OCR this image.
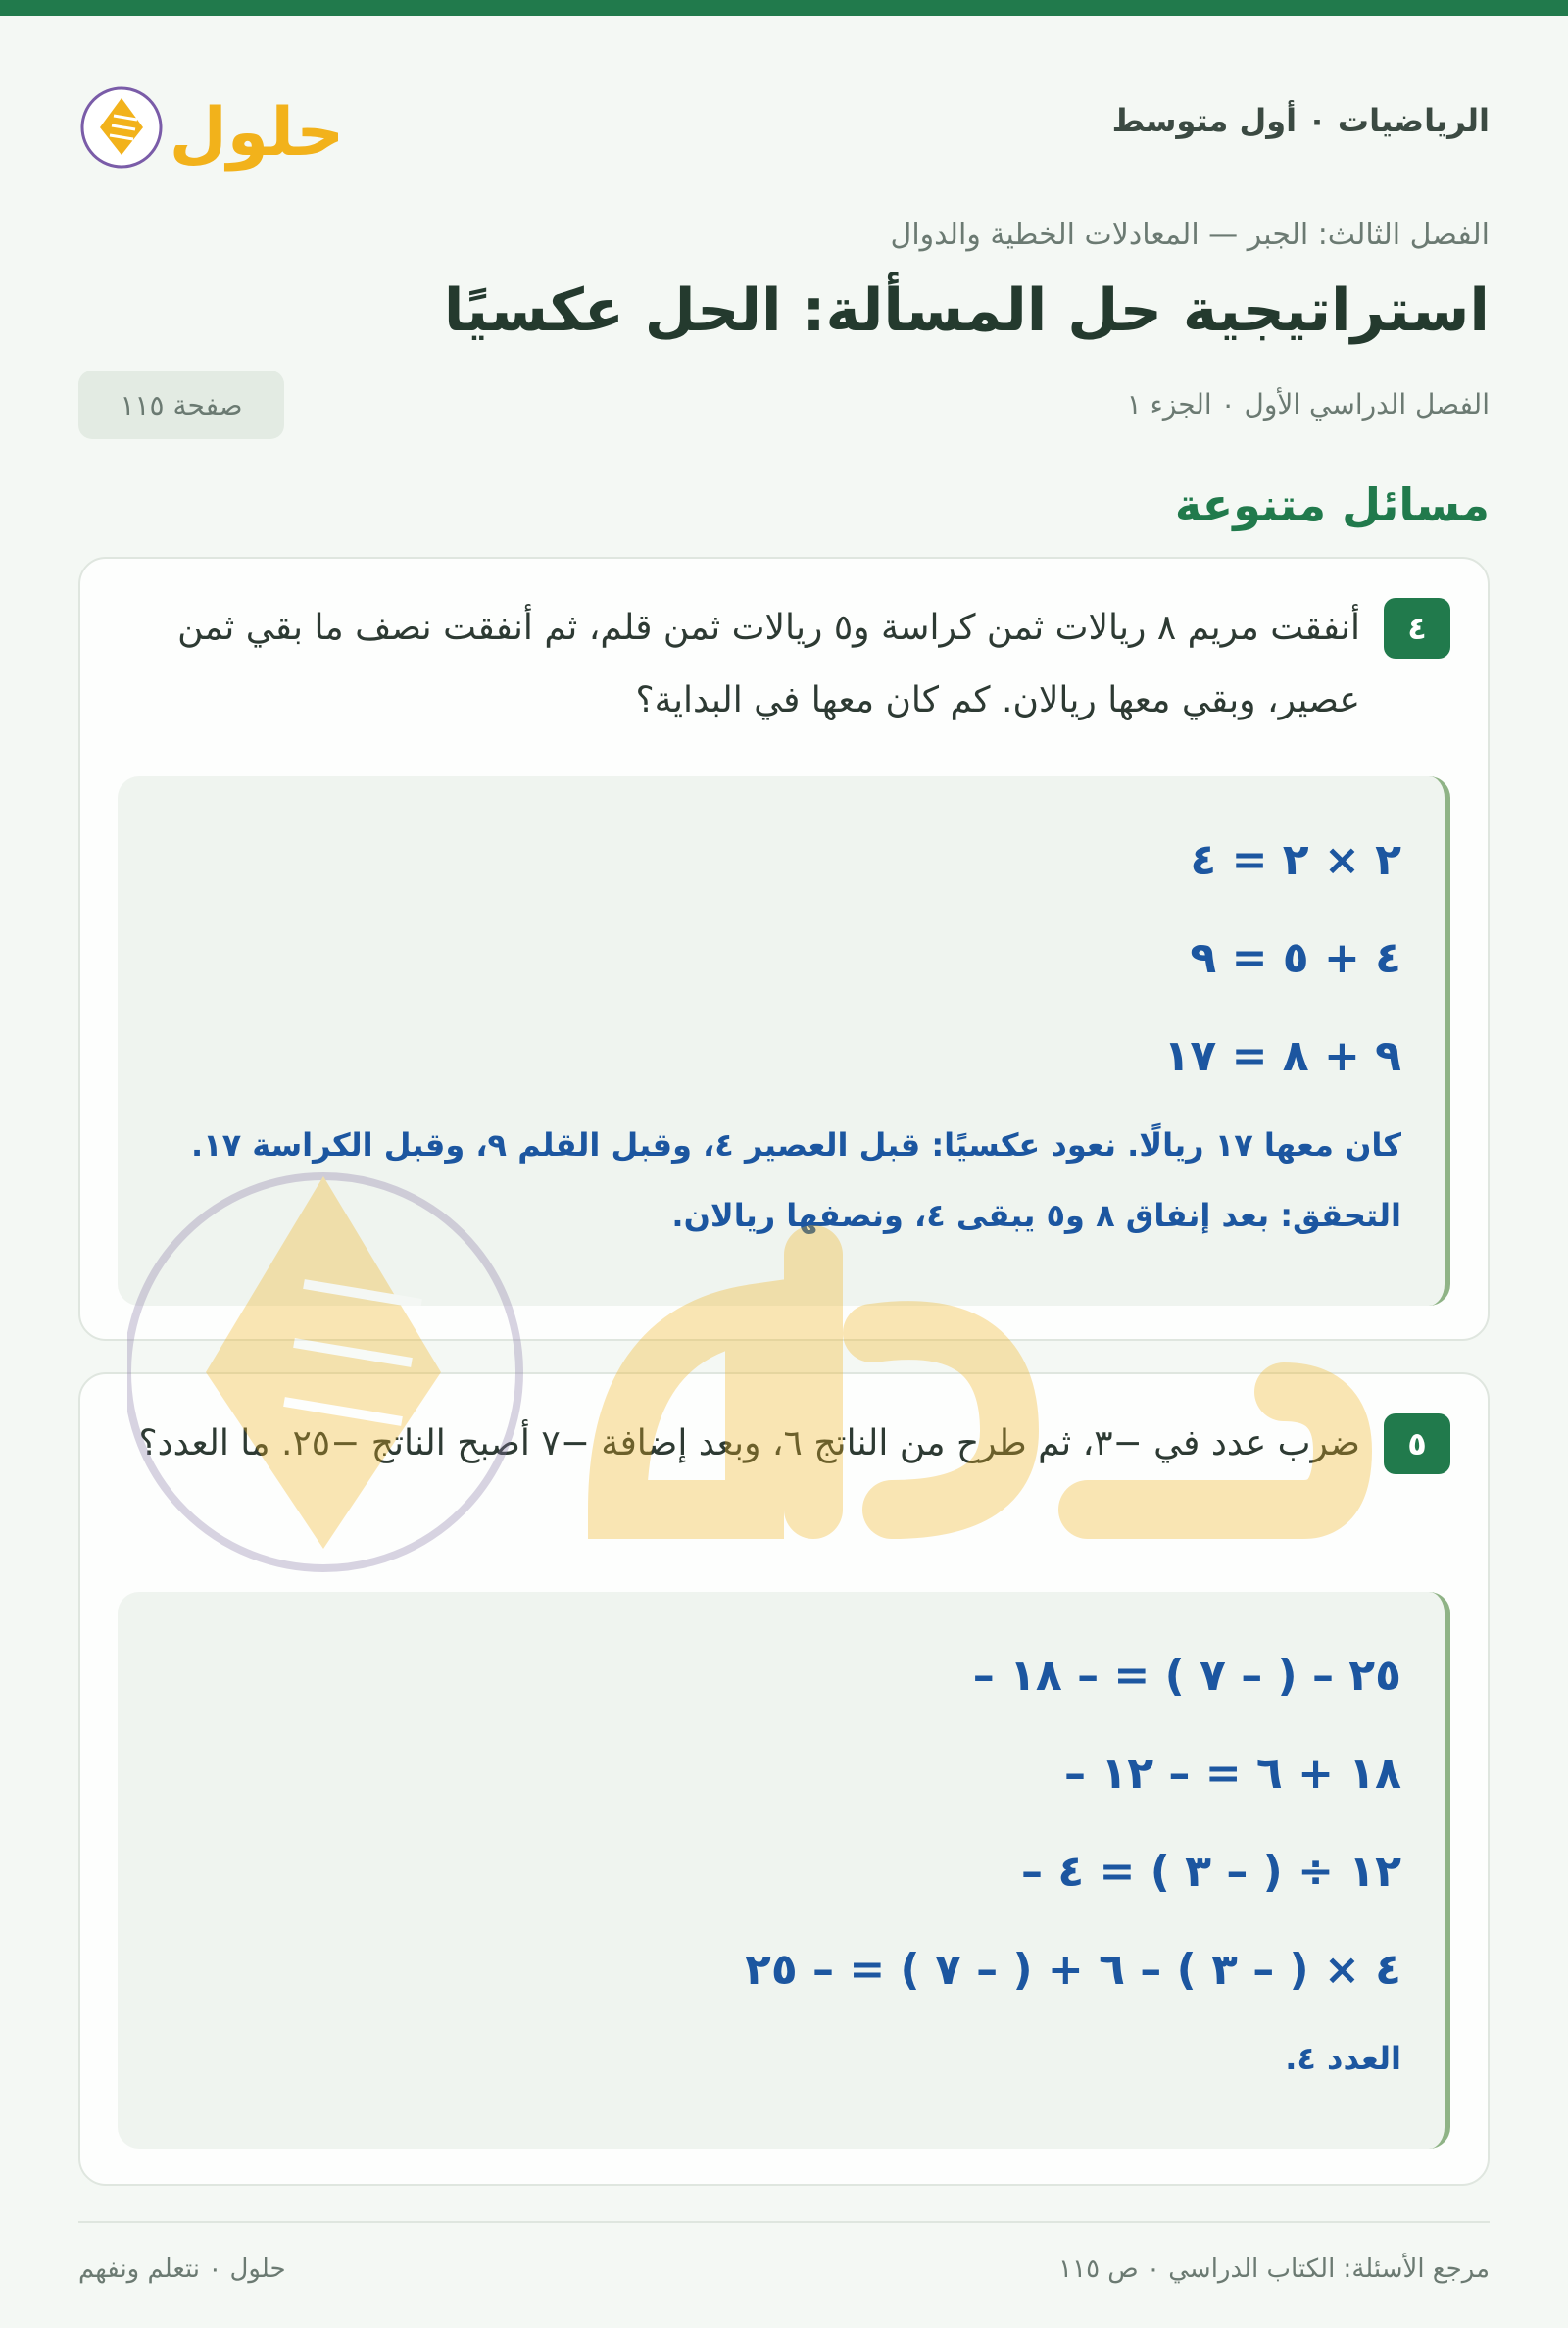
الرياضيات ٠ أول متوسط
حلول
الفصل الثالث: الجبر — المعادلات الخطية والدوال
استراتيجية حل المسألة: الحل عكسيًا
الفصل الدراسي الأول ٠ الجزء ١
صفحة ١١٥
مسائل متنوعة
٤
أنفقت مريم ٨ ريالات ثمن كراسة و٥ ريالات ثمن قلم، ثم أنفقت نصف ما بقي ثمن عصير، وبقي معها ريالان. كم كان معها في البداية؟
٢ × ٢ = ٤
٤ + ٥ = ٩
٩ + ٨ = ١٧
كان معها ١٧ ريالًا. نعود عكسيًا: قبل العصير ٤، وقبل القلم ٩، وقبل الكراسة ١٧. التحقق: بعد إنفاق ٨ و٥ يبقى ٤، ونصفها ريالان.
٥
ضرب عدد في −٣، ثم طرح من الناتج ٦، وبعد إضافة −٧ أصبح الناتج −٢٥. ما العدد؟
– ٢٥ – ( – ٧ ) = – ١٨
– ١٨ + ٦ = – ١٢
– ١٢ ÷ ( – ٣ ) = ٤
٤ × ( – ٣ ) – ٦ + ( – ٧ ) = – ٢٥
العدد ٤.
مرجع الأسئلة: الكتاب الدراسي ٠ ص ١١٥
حلول ٠ نتعلم ونفهم
